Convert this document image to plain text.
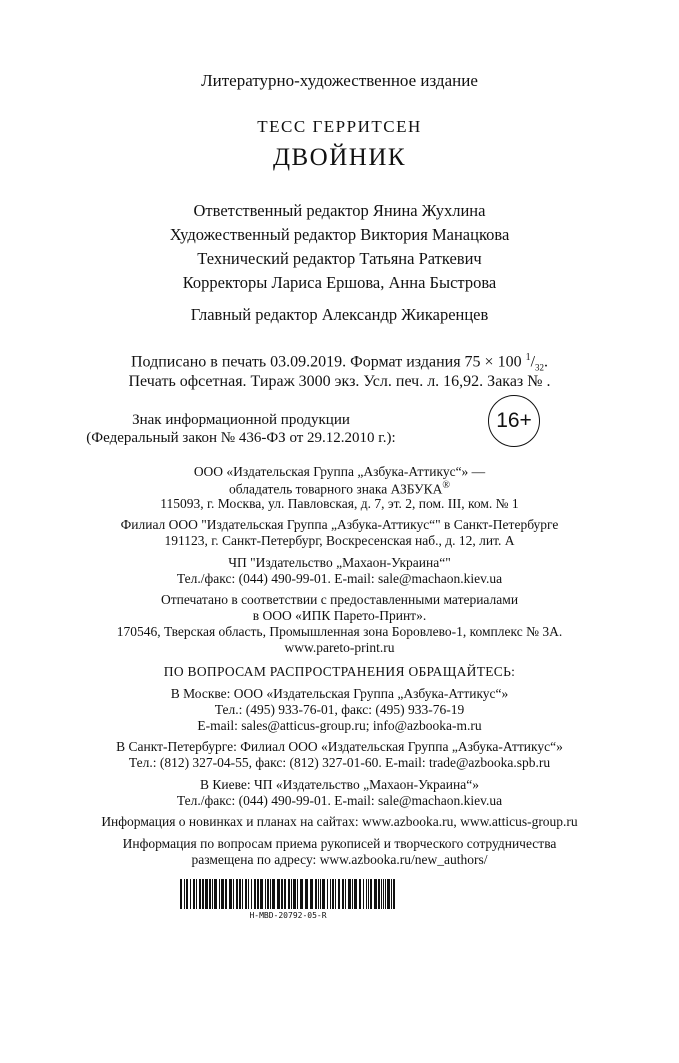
Литературно-художественное издание
ТЕСС ГЕРРИТСЕН
ДВОЙНИК
Ответственный редактор Янина Жухлина
Художественный редактор Виктория Манацкова
Технический редактор Татьяна Раткевич
Корректоры Лариса Ершова, Анна Быстрова
Главный редактор Александр Жикаренцев
Подписано в печать 03.09.2019. Формат издания 75 × 100 $^1/_{32}$.
Печать офсетная. Тираж 3000 экз. Усл. печ. л. 16,92. Заказ № .
Знак информационной продукции
(Федеральный закон № 436-ФЗ от 29.12.2010 г.):
16+
ООО «Издательская Группа „Азбука-Аттикус“» —
обладатель товарного знака АЗБУКА®
115093, г. Москва, ул. Павловская, д. 7, эт. 2, пом. III, ком. № 1
Филиал ООО "Издательская Группа „Азбука-Аттикус“" в Санкт-Петербурге
191123, г. Санкт-Петербург, Воскресенская наб., д. 12, лит. А
ЧП "Издательство „Махаон-Украина“"
Тел./факс: (044) 490-99-01. E-mail: sale@machaon.kiev.ua
Отпечатано в соответствии с предоставленными материалами
в ООО «ИПК Парето-Принт».
170546, Тверская область, Промышленная зона Боровлево-1, комплекс № 3А.
www.pareto-print.ru
ПО ВОПРОСАМ РАСПРОСТРАНЕНИЯ ОБРАЩАЙТЕСЬ:
В Москве: ООО «Издательская Группа „Азбука-Аттикус“»
Тел.: (495) 933-76-01, факс: (495) 933-76-19
E-mail: sales@atticus-group.ru; info@azbooka-m.ru
В Санкт-Петербурге: Филиал ООО «Издательская Группа „Азбука-Аттикус“»
Тел.: (812) 327-04-55, факс: (812) 327-01-60. E-mail: trade@azbooka.spb.ru
В Киеве: ЧП «Издательство „Махаон-Украина“»
Тел./факс: (044) 490-99-01. E-mail: sale@machaon.kiev.ua
Информация о новинках и планах на сайтах: www.azbooka.ru, www.atticus-group.ru
Информация по вопросам приема рукописей и творческого сотрудничества
размещена по адресу: www.azbooka.ru/new_authors/
H-MBD-20792-05-R
